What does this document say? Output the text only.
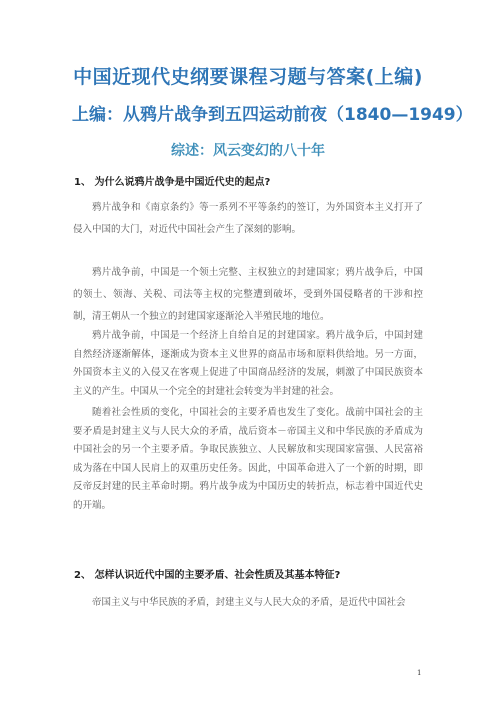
中国近现代史纲要课程习题与答案(上编)
上编：从鸦片战争到五四运动前夜（1840—1949）
综述：风云变幻的八十年
1、 为什么说鸦片战争是中国近代史的起点?

鸦片战争和《南京条约》等一系列不平等条约的签订，为外国资本主义打开了侵入中国的大门，对近代中国社会产生了深刻的影响。

鸦片战争前，中国是一个领土完整、主权独立的封建国家；鸦片战争后，中国的领土、领海、关税、司法等主权的完整遭到破坏，受到外国侵略者的干涉和控制，清王朝从一个独立的封建国家逐渐沦入半殖民地的地位。

鸦片战争前，中国是一个经济上自给自足的封建国家。鸦片战争后，中国封建自然经济逐渐解体，逐渐成为资本主义世界的商品市场和原料供给地。另一方面，外国资本主义的入侵又在客观上促进了中国商品经济的发展，刺激了中国民族资本主义的产生。中国从一个完全的封建社会转变为半封建的社会。

随着社会性质的变化，中国社会的主要矛盾也发生了变化。战前中国社会的主要矛盾是封建主义与人民大众的矛盾，战后资本－帝国主义和中华民族的矛盾成为中国社会的另一个主要矛盾。争取民族独立、人民解放和实现国家富强、人民富裕成为落在中国人民肩上的双重历史任务。因此，中国革命进入了一个新的时期，即反帝反封建的民主革命时期。鸦片战争成为中国历史的转折点，标志着中国近代史的开端。

2、 怎样认识近代中国的主要矛盾、社会性质及其基本特征?

帝国主义与中华民族的矛盾，封建主义与人民大众的矛盾，是近代中国社会

1
